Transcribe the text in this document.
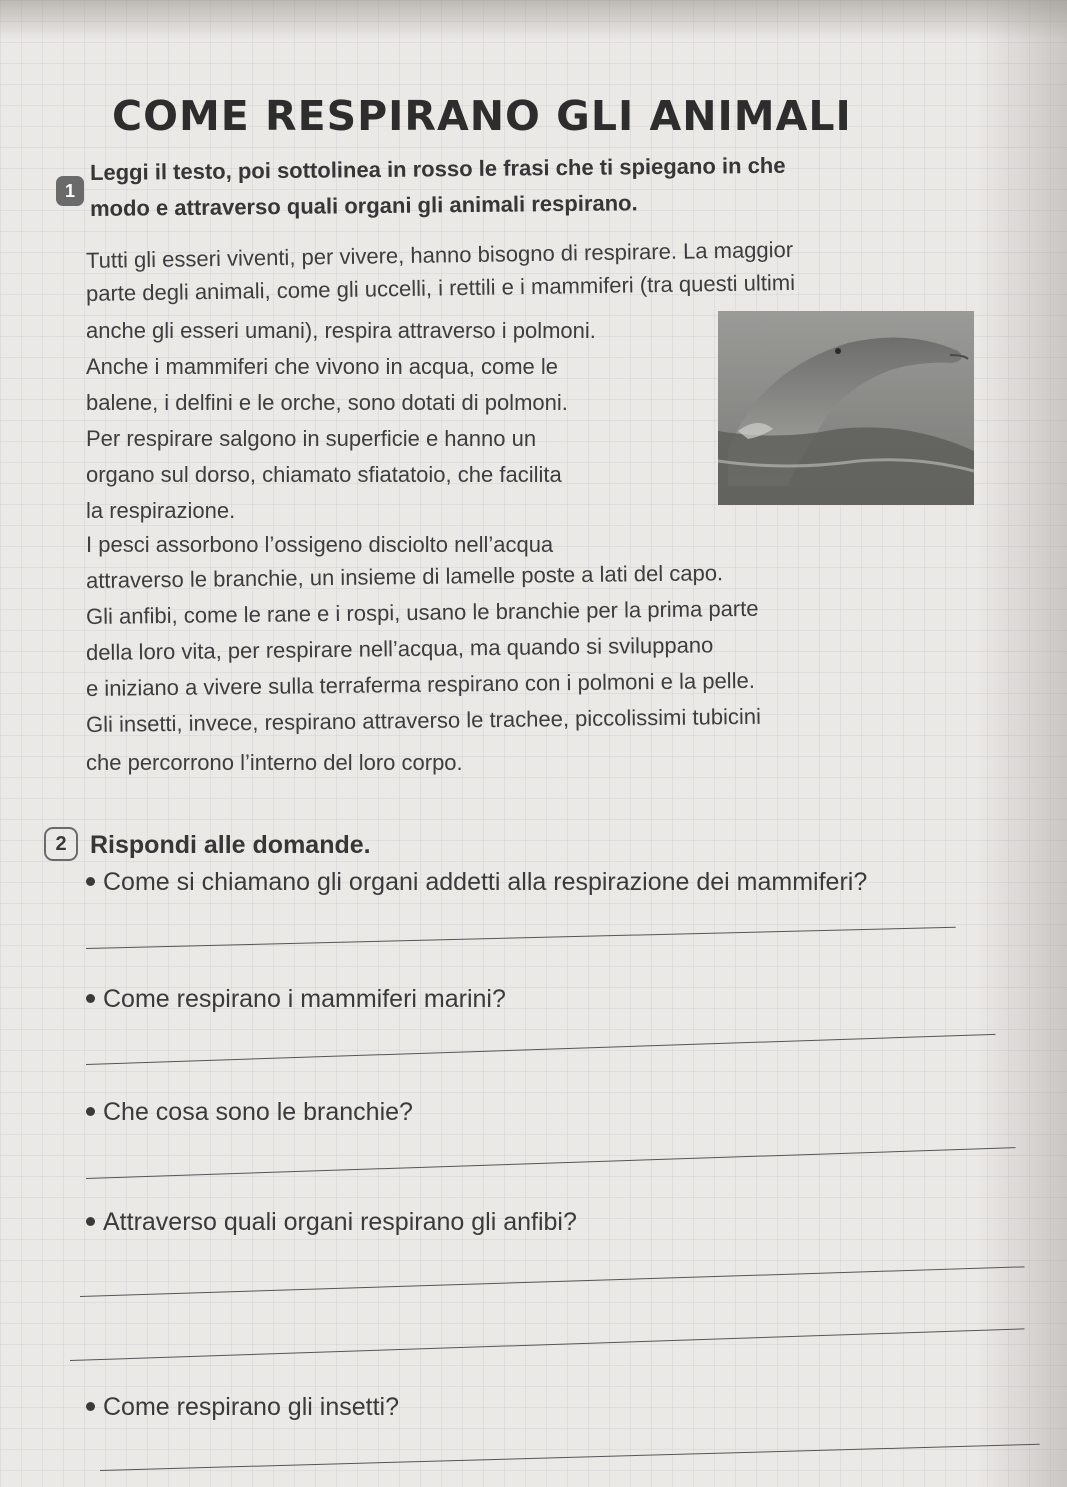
COME RESPIRANO GLI ANIMALI
1

Leggi il testo, poi sottolinea in rosso le frasi che ti spiegano in che

modo e attraverso quali organi gli animali respirano.

Tutti gli esseri viventi, per vivere, hanno bisogno di respirare. La maggior

parte degli animali, come gli uccelli, i rettili e i mammiferi (tra questi ultimi

anche gli esseri umani), respira attraverso i polmoni.

Anche i mammiferi che vivono in acqua, come le

balene, i delfini e le orche, sono dotati di polmoni.

Per respirare salgono in superficie e hanno un

organo sul dorso, chiamato sfiatatoio, che facilita

la respirazione.

I pesci assorbono l’ossigeno disciolto nell’acqua

attraverso le branchie, un insieme di lamelle poste a lati del capo.

Gli anfibi, come le rane e i rospi, usano le branchie per la prima parte

della loro vita, per respirare nell’acqua, ma quando si sviluppano

e iniziano a vivere sulla terraferma respirano con i polmoni e la pelle.

Gli insetti, invece, respirano attraverso le trachee, piccolissimi tubicini

che percorrono l’interno del loro corpo.

2 Rispondi alle domande.

Come si chiamano gli organi addetti alla respirazione dei mammiferi?

Come respirano i mammiferi marini?

Che cosa sono le branchie?

Attraverso quali organi respirano gli anfibi?

Come respirano gli insetti?
